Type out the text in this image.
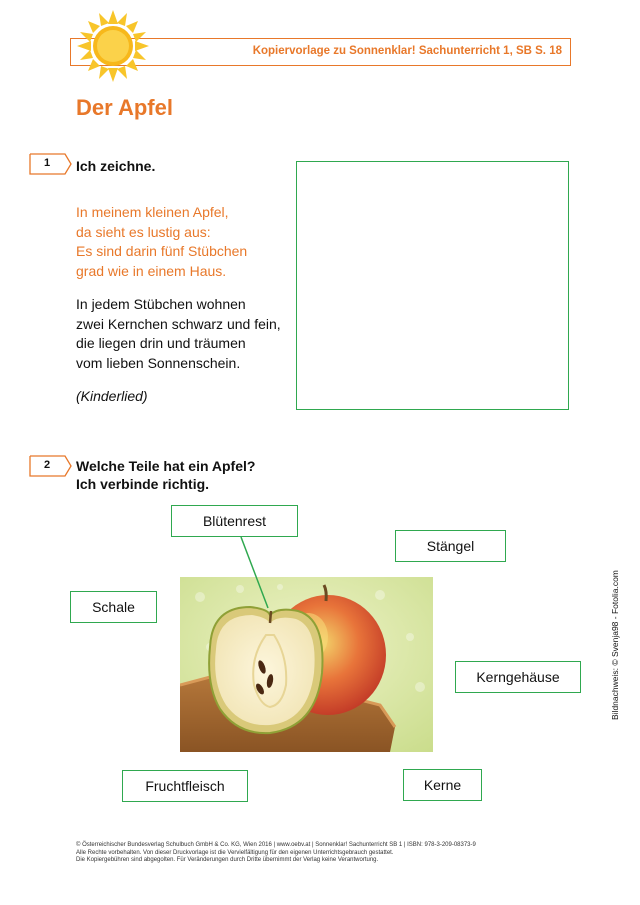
Kopiervorlage zu Sonnenklar! Sachunterricht 1, SB S. 18
Der Apfel
1	Ich zeichne.
In meinem kleinen Apfel,
da sieht es lustig aus:
Es sind darin fünf Stübchen
grad wie in einem Haus.
In jedem Stübchen wohnen
zwei Kernchen schwarz und fein,
die liegen drin und träumen
vom lieben Sonnenschein.
(Kinderlied)
2	Welche Teile hat ein Apfel?
Ich verbinde richtig.
Blütenrest
Stängel
Schale
Kerngehäuse
Fruchtfleisch	Kerne
Bildnachweis: © Svenja98 - Fotolia.com
© Österreichischer Bundesverlag Schulbuch GmbH & Co. KG, Wien 2016 | www.oebv.at | Sonnenklar! Sachunterricht SB 1 | ISBN: 978-3-209-08373-9
Alle Rechte vorbehalten. Von dieser Druckvorlage ist die Vervielfältigung für den eigenen Unterrichtsgebrauch gestattet.
Die Kopiergebühren sind abgegolten. Für Veränderungen durch Dritte übernimmt der Verlag keine Verantwortung.
